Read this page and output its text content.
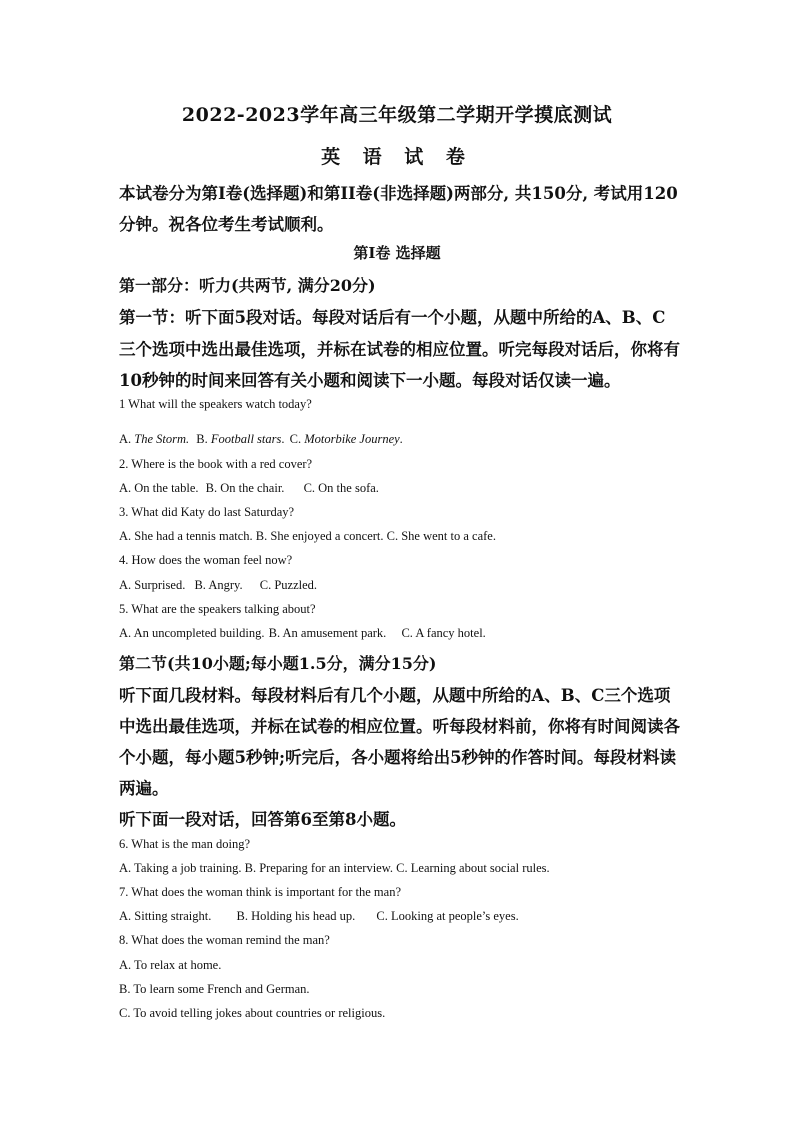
2022-2023学年高三年级第二学期开学摸底测试
英 语 试 卷
本试卷分为第I卷(选择题)和第II卷(非选择题)两部分, 共150分, 考试用120
分钟。祝各位考生考试顺利。
第I卷 选择题
第一部分：听力(共两节, 满分20分)
第一节：听下面5段对话。每段对话后有一个小题，从题中所给的A、B、C
三个选项中选出最佳选项，并标在试卷的相应位置。听完每段对话后，你将有
10秒钟的时间来回答有关小题和阅读下一小题。每段对话仅读一遍。
1 What will the speakers watch today?
A. The Storm. B. Football stars. C. Motorbike Journey.
2. Where is the book with a red cover?
A. On the table. B. On the chair. C. On the sofa.
3. What did Katy do last Saturday?
A. She had a tennis match. B. She enjoyed a concert. C. She went to a cafe.
4. How does the woman feel now?
A. Surprised. B. Angry. C. Puzzled.
5. What are the speakers talking about?
A. An uncompleted building. B. An amusement park. C. A fancy hotel.
第二节(共10小题;每小题1.5分，满分15分)
听下面几段材料。每段材料后有几个小题，从题中所给的A、B、C三个选项
中选出最佳选项，并标在试卷的相应位置。听每段材料前，你将有时间阅读各
个小题，每小题5秒钟;听完后，各小题将给出5秒钟的作答时间。每段材料读
两遍。
听下面一段对话，回答第6至第8小题。
6. What is the man doing?
A. Taking a job training. B. Preparing for an interview. C. Learning about social rules.
7. What does the woman think is important for the man?
A. Sitting straight. B. Holding his head up. C. Looking at people’s eyes.
8. What does the woman remind the man?
A. To relax at home.
B. To learn some French and German.
C. To avoid telling jokes about countries or religious.
